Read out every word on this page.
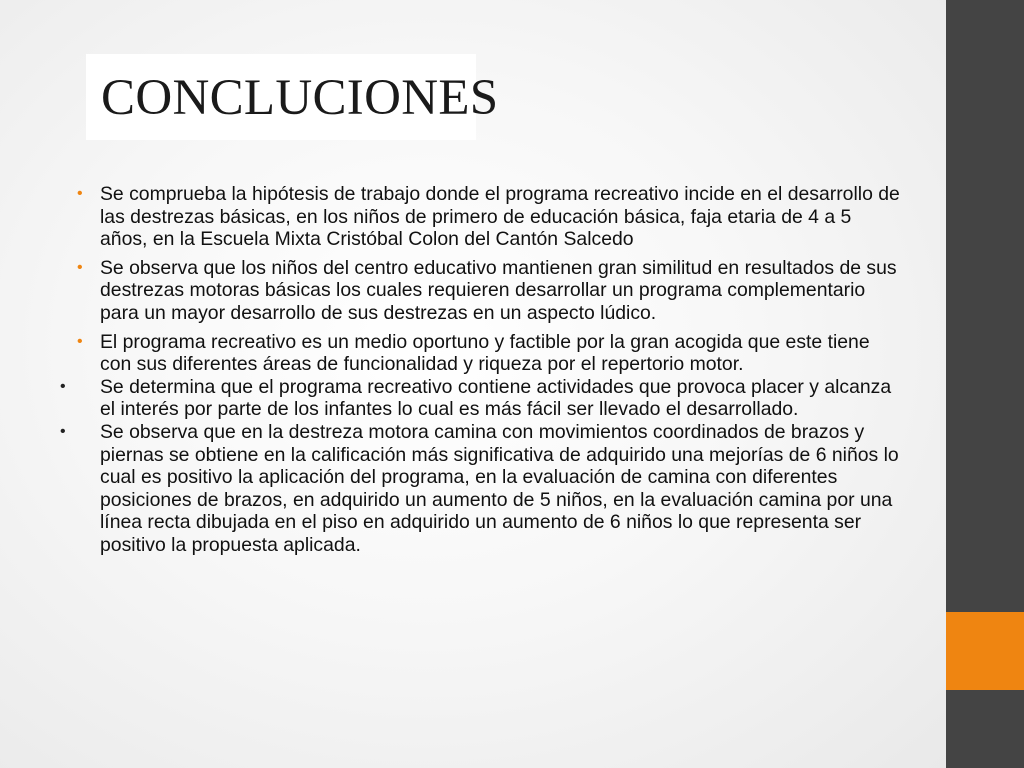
CONCLUCIONES
• Se comprueba la hipótesis de trabajo donde el programa recreativo incide en el desarrollo de las destrezas básicas, en los niños de primero de educación básica, faja etaria de 4 a 5 años, en la Escuela Mixta Cristóbal Colon del Cantón Salcedo
• Se observa que los niños del centro educativo mantienen gran similitud en resultados de sus destrezas motoras básicas los cuales requieren desarrollar un programa complementario para un mayor desarrollo de sus destrezas en un aspecto lúdico.
• El programa recreativo es un medio oportuno y factible por la gran acogida que este tiene con sus diferentes áreas de funcionalidad y riqueza por el repertorio motor.
• Se determina que el programa recreativo contiene actividades que provoca placer y alcanza el interés por parte de los infantes lo cual es más fácil ser llevado el desarrollado.
• Se observa que en la destreza motora camina con movimientos coordinados de brazos y piernas se obtiene en la calificación más significativa de adquirido una mejorías de 6 niños lo cual es positivo la aplicación del programa, en la evaluación de camina con diferentes posiciones de brazos, en adquirido un aumento de 5 niños, en la evaluación camina por una línea recta dibujada en el piso en adquirido un aumento de 6 niños lo que representa ser positivo la propuesta aplicada.
